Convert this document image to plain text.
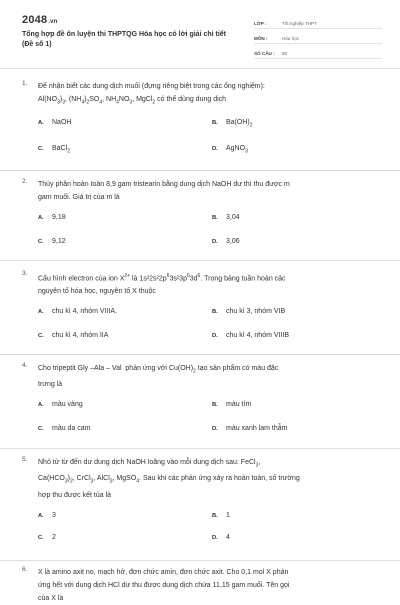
2048.vn
Tổng hợp đề ôn luyện thi THPTQG Hóa học có lời giải chi tiết (Đề số 1)
LỚP :	Tốt nghiệp THPT
MÔN :	Hóa học
SỐ CÂU :	50
1. Để nhận biết các dung dịch muối (đựng riêng biệt trong các ống nghiệm):
$Al(NO_3)_3$, $(NH_4)_2SO_4$, $NH_4NO_3$, MgCl$_2$ có thể dùng dung dịch
A. NaOH	B. $Ba(OH)_2$
C. BaCl$_2$	D. AgNO$_3$
2. Thủy phân hoàn toàn 8,9 gam tristearin bằng dung dịch NaOH dư thì thu được m
gam muối. Giá trị của m là
A. 9,18	B. 3,04
C. 9,12	D. 3,06
3.
Cấu hình electron của ion $X^{2+}$ là $1s^22s^22p^63s^23p^63d^6$. Trong bảng tuần hoàn các
nguyên tố hóa học, nguyên tố X thuộc
A. chu kì 4, nhóm VIIIA.	B. chu kì 3, nhóm VIB
C. chu kì 4, nhóm IIA	D. chu kì 4, nhóm VIIIB
4. Cho tripeptit Gly –Ala – Val  phản ứng với $Cu(OH)_2$ tạo sản phẩm có màu đặc
trưng là
A. màu vàng	B. màu tím
C. màu da cam	D. màu xanh lam thẫm
5. Nhỏ từ từ đến dư dung dịch NaOH loãng vào mỗi dung dịch sau: FeCl$_3$,
$Ca(HCO_3)_2$, CrCl$_3$, AlCl$_3$, MgSO$_4$. Sau khi các phản ứng xảy ra hoàn toàn, số trường
hợp thu được kết tủa là
A. 3	B. 1
C. 2	D. 4
6. X là amino axit no, mạch hở, đơn chức amin, đơn chức axit. Cho 0,1 mol X phản
ứng hết với dung dịch HCl dư thu được dung dịch chứa 11,15 gam muối. Tên gọi
của X là
